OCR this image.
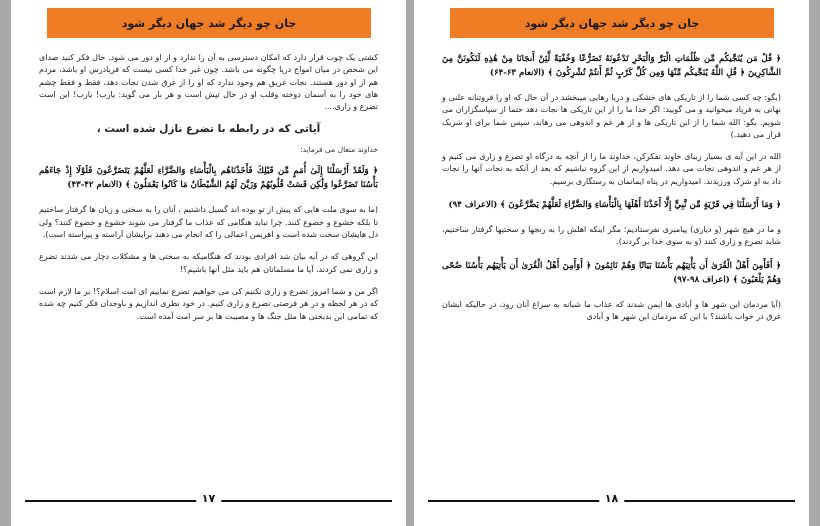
جان چو دیگر شد جهان دیگر شود

کشتی یک چوب قرار دارد که امکان دسترسی به آن را ندارد و از او دور می شود. حال فکر کنید صدای این شخص در میان امواج دریا چگونه می باشد. چون غیر خدا کسی نیست که فریادرس او باشد، مردم هم از او دور هستند. نجات غریق هم وجود ندارد که او را از غرق شدن نجات دهد، فقط و فقط چشم های خود را به آسمان دوخته وقلب او در حال تپش است و هر بار می گوید: یارب! یارب! این است تضرع و زاری....

آیاتی که در رابطه با تضرع نازل شده است ،

خداوند متعال می فرماید:

﴿ وَلَقَدْ أَرْسَلْنَا إِلَىٰ أُمَمٍ مِّن قَبْلِكَ فَأَخَذْنَاهُم بِالْبَأْسَاءِ وَالضَّرَّاءِ لَعَلَّهُمْ يَتَضَرَّعُونَ فَلَوْلَا إِذْ جَاءَهُم بَأْسُنَا تَضَرَّعُوا وَلَٰكِن قَسَتْ قُلُوبُهُمْ وَزَيَّنَ لَهُمُ الشَّيْطَانُ مَا كَانُوا يَعْمَلُونَ ﴾ (الانعام ۴۲-۴۳)

(ما به سوی ملت هایی که پیش از تو بوده اند گسیل داشتیم ، آنان را به سختی و زیان ها گرفتار ساختیم تا بلکه خشوع و خضوع کنند. چرا نباید هنگامی که عذاب ما گرفتار می شوند خشوع و خضوع کنند؟ ولی دل هایشان سخت شده است و اهریمن اعمالی را که انجام می دهند برایشان آراسته و پیراسته است).

این گروهی که در آیه بیان شد افرادی بودند که هنگامیکه به سختی ها و مشکلات دچار می شدند تضرع و زاری نمی کردند، آیا ما مسلمانان هم باید مثل آنها باشیم؟!

اگر من و شما امروز تضرع و زاری نکنیم کی می خواهیم تضرع نماییم ای امت اسلام؟! بر ما لازم است که در هر لحظه و در هر فرصتی تضرع و زاری کنیم. در خود نظری اندازیم و باوجدان فکر کنیم چه شده که تمامی این بدبختی ها مثل جنگ ها و مصیبت ها بر سر امت آمده است.

۱۷
جان چو دیگر شد جهان دیگر شود

﴿ قُلْ مَن يُنَجِّيكُم مِّن ظُلُمَاتِ الْبَرِّ وَالْبَحْرِ تَدْعُونَهُ تَضَرُّعًا وَخُفْيَةً لَّئِنْ أَنجَانَا مِنْ هَٰذِهِ لَنَكُونَنَّ مِنَ الشَّاكِرِينَ ﴿ قُلِ اللَّهُ يُنَجِّيكُم مِّنْهَا وَمِن كُلِّ كَرْبٍ ثُمَّ أَنتُمْ تُشْرِكُونَ ﴾ (الانعام ۶۳-۶۴)

(بگو: چه کسی شما را از تاریکی های خشکی و دریا رهایی میبخشد در آن حال که او را فروتنانه علنی و نهانی به فریاد میخوانید و می گویید: اگر خدا ما را از این تاریکی ها نجات دهد حتما از سپاسگزاران می شویم. بگو: الله شما را از این تاریکی ها و از هر غم و اندوهی می رهاند، سپس شما برای او شریک قرار می دهید.)

الله در این آیه ی بسیار زیبای خاوند تفکرکن، خداوند ما را از آنچه به درگاه او تضرع و زاری می کنیم و از هر غم و اندوهی نجات می دهد. امیدواریم از این گروه نباشیم که بعد از آنکه به نجات آنها را نجات داد به او شرک ورزیدند. امیدواریم در پناه ایمانمان به رستگاری برسیم.

﴿ وَمَا أَرْسَلْنَا فِي قَرْيَةٍ مِّن نَّبِيٍّ إِلَّا أَخَذْنَا أَهْلَهَا بِالْبَأْسَاءِ وَالضَّرَّاءِ لَعَلَّهُمْ يَضَّرَّعُونَ ﴾ (الاعراف ۹۴)

و ما در هیچ شهر (و دیاری) پیامبری نفرستادیم؛ مگر اینکه اهلش را به رنجها و سختیها گرفتار ساختیم، شاید تضرع و زاری کنند (و به سوی خدا بر گردند).

﴿ أَفَأَمِنَ أَهْلُ الْقُرَىٰ أَن يَأْتِيَهُم بَأْسُنَا بَيَاتًا وَهُمْ نَائِمُونَ ﴿ أَوَأَمِنَ أَهْلُ الْقُرَىٰ أَن يَأْتِيَهُم بَأْسُنَا ضُحًى وَهُمْ يَلْعَبُونَ ﴾ (اعراف ۹۸-۹۷)

(آیا مردمان این شهر ها و آبادی ها ایمن شدند که عذاب ما شبانه به سراغ آنان رود، در حالیکه ایشان غرق در خواب باشند؟ یا این که مردمان این شهر ها و آبادی

۱۸
